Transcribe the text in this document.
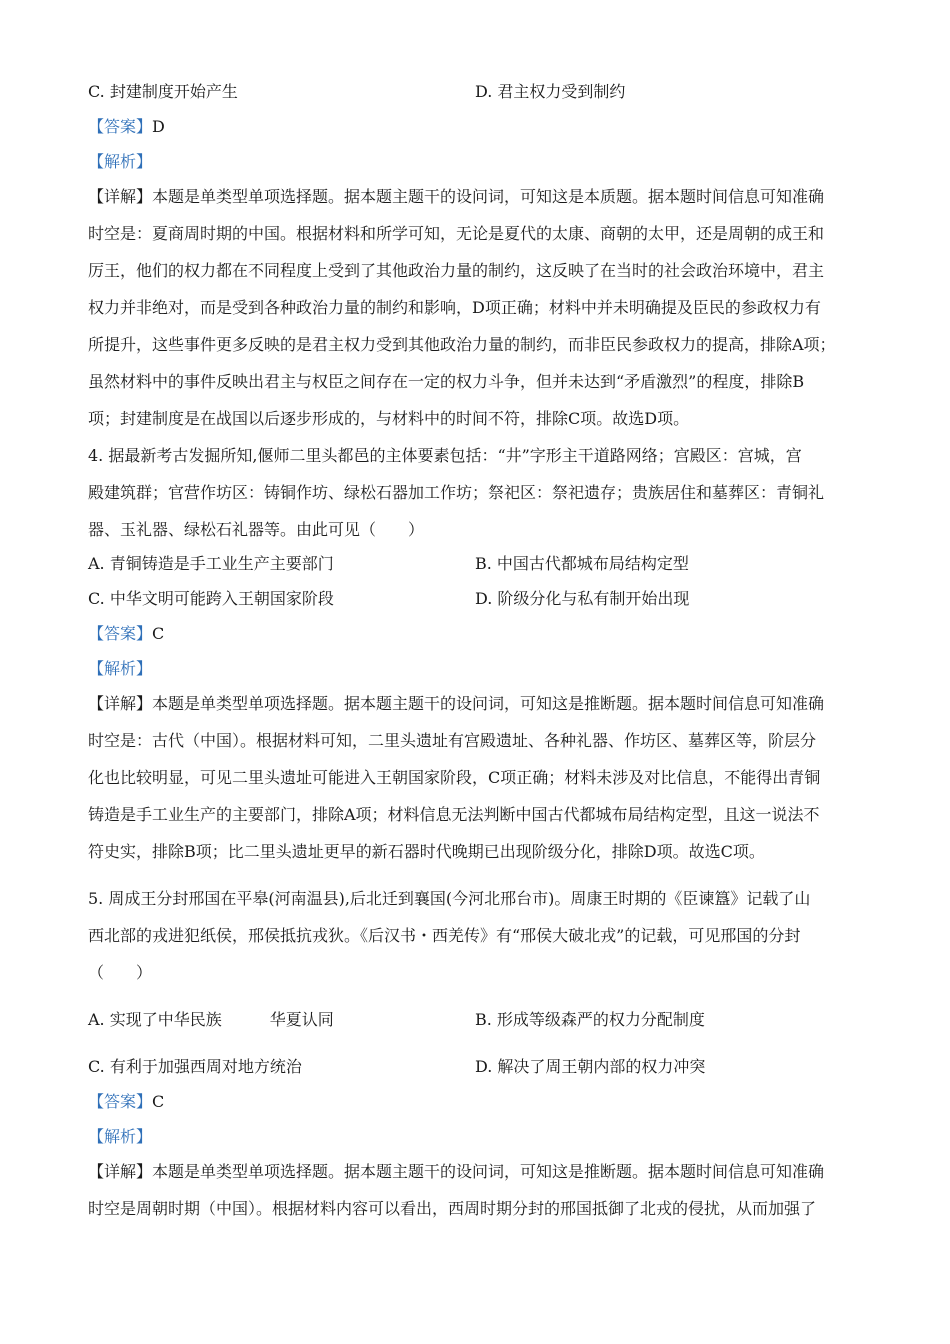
C. 封建制度开始产生	D. 君主权力受到制约
【答案】D
【解析】
【详解】本题是单类型单项选择题。据本题主题干的设问词，可知这是本质题。据本题时间信息可知准确
时空是：夏商周时期的中国。根据材料和所学可知，无论是夏代的太康、商朝的太甲，还是周朝的成王和
厉王，他们的权力都在不同程度上受到了其他政治力量的制约，这反映了在当时的社会政治环境中，君主
权力并非绝对，而是受到各种政治力量的制约和影响，D项正确；材料中并未明确提及臣民的参政权力有
所提升，这些事件更多反映的是君主权力受到其他政治力量的制约，而非臣民参政权力的提高，排除A项；
虽然材料中的事件反映出君主与权臣之间存在一定的权力斗争，但并未达到“矛盾激烈”的程度，排除B
项；封建制度是在战国以后逐步形成的，与材料中的时间不符，排除C项。故选D项。
4. 据最新考古发掘所知,偃师二里头都邑的主体要素包括：“井”字形主干道路网络；宫殿区：宫城，宫
殿建筑群；官营作坊区：铸铜作坊、绿松石器加工作坊；祭祀区：祭祀遗存；贵族居住和墓葬区：青铜礼
器、玉礼器、绿松石礼器等。由此可见（　　）
A. 青铜铸造是手工业生产主要部门	B. 中国古代都城布局结构定型
C. 中华文明可能跨入王朝国家阶段	D. 阶级分化与私有制开始出现
【答案】C
【解析】
【详解】本题是单类型单项选择题。据本题主题干的设问词，可知这是推断题。据本题时间信息可知准确
时空是：古代（中国）。根据材料可知，二里头遗址有宫殿遗址、各种礼器、作坊区、墓葬区等，阶层分
化也比较明显，可见二里头遗址可能进入王朝国家阶段，C项正确；材料未涉及对比信息，不能得出青铜
铸造是手工业生产的主要部门，排除A项；材料信息无法判断中国古代都城布局结构定型，且这一说法不
符史实，排除B项；比二里头遗址更早的新石器时代晚期已出现阶级分化，排除D项。故选C项。
5. 周成王分封邢国在平皋(河南温县),后北迁到襄国(今河北邢台市)。周康王时期的《臣谏簋》记载了山
西北部的戎进犯纸侯，邢侯抵抗戎狄。《后汉书・西羌传》有“邢侯大破北戎”的记载，可见邢国的分封
（　　）
A. 实现了中华民族	华夏认同	B. 形成等级森严的权力分配制度
C. 有利于加强西周对地方统治	D. 解决了周王朝内部的权力冲突
【答案】C
【解析】
【详解】本题是单类型单项选择题。据本题主题干的设问词，可知这是推断题。据本题时间信息可知准确
时空是周朝时期（中国）。根据材料内容可以看出，西周时期分封的邢国抵御了北戎的侵扰，从而加强了
